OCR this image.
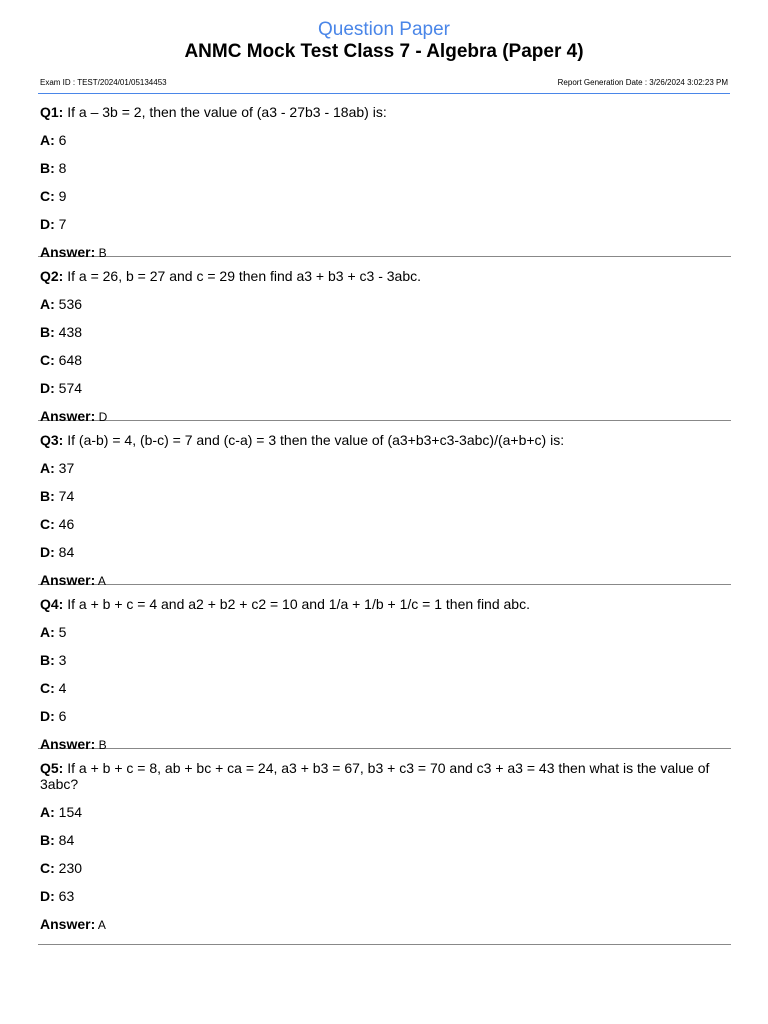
Question Paper

ANMC Mock Test Class 7 - Algebra (Paper 4)

Exam ID : TEST/2024/01/05134453	Report Generation Date : 3/26/2024 3:02:23 PM

Q1: If a – 3b = 2, then the value of (a3 - 27b3 - 18ab) is:

A: 6

B: 8

C: 9

D: 7

Answer: B

Q2: If a = 26, b = 27 and c = 29 then find a3 + b3 + c3 - 3abc.

A: 536

B: 438

C: 648

D: 574

Answer: D

Q3: If (a-b) = 4, (b-c) = 7 and (c-a) = 3 then the value of (a3+b3+c3-3abc)/(a+b+c) is:

A: 37

B: 74

C: 46

D: 84

Answer: A

Q4: If a + b + c = 4 and a2 + b2 + c2 = 10 and 1/a + 1/b + 1/c = 1 then find abc.

A: 5

B: 3

C: 4

D: 6

Answer: B

Q5: If a + b + c = 8, ab + bc + ca = 24, a3 + b3 = 67, b3 + c3 = 70 and c3 + a3 = 43 then what is the value of 3abc?

A: 154

B: 84

C: 230

D: 63

Answer: A
